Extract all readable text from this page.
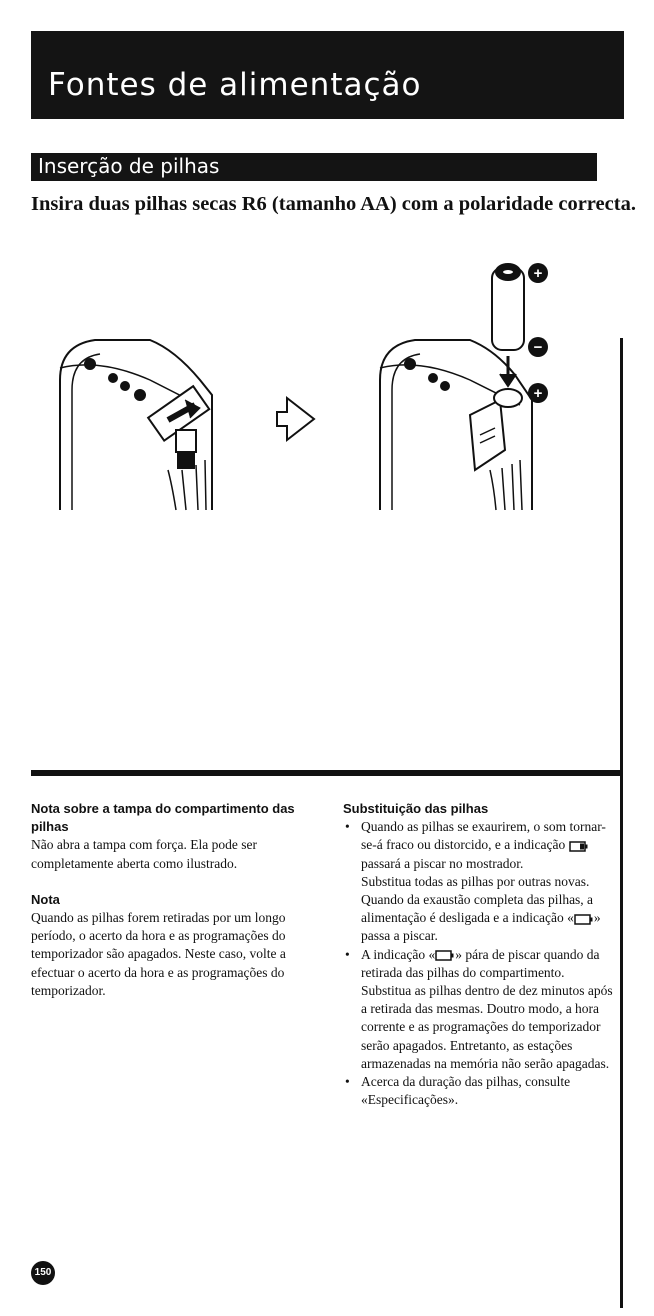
Fontes de alimentação
Inserção de pilhas
Insira duas pilhas secas R6 (tamanho AA) com a polaridade correcta.
+
−
+

Nota sobre a tampa do compartimento das pilhas

Não abra a tampa com força. Ela pode ser completamente aberta como ilustrado.

Nota

Quando as pilhas forem retiradas por um longo período, o acerto da hora e as programações do temporizador são apagados. Neste caso, volte a efectuar o acerto da hora e as programações do temporizador.

Substituição das pilhas

• Quando as pilhas se exaurirem, o som tornar-se-á fraco ou distorcido, e a indicação  passará a piscar no mostrador.

Substitua todas as pilhas por outras novas. Quando da exaustão completa das pilhas, a alimentação é desligada e a indicação « » passa a piscar.

• A indicação « » pára de piscar quando da retirada das pilhas do compartimento. Substitua as pilhas dentro de dez minutos após a retirada das mesmas. Doutro modo, a hora corrente e as programações do temporizador serão apagados. Entretanto, as estações armazenadas na memória não serão apagadas.

• Acerca da duração das pilhas, consulte «Especificações».

150
